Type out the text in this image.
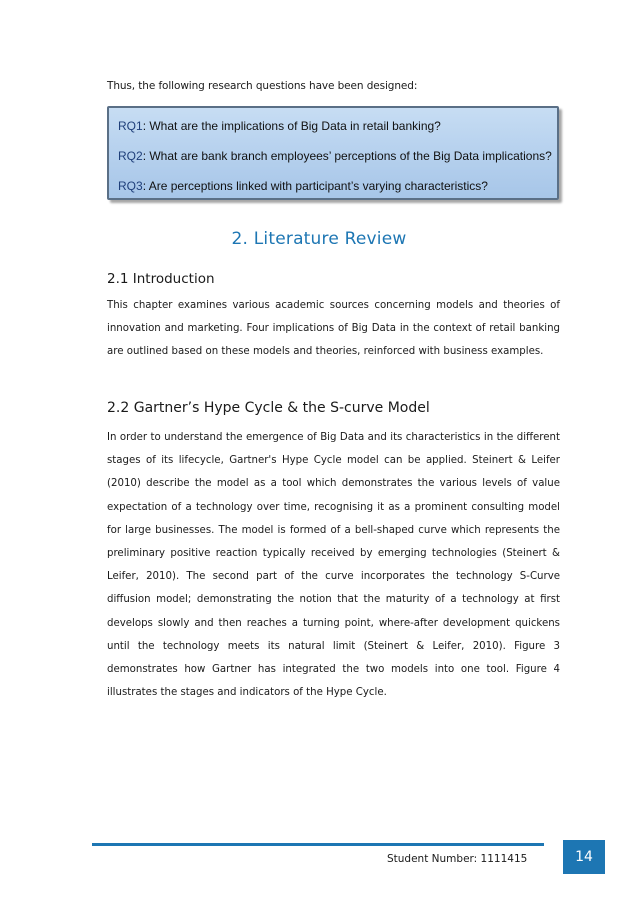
Thus, the following research questions have been designed:
RQ1: What are the implications of Big Data in retail banking?
RQ2: What are bank branch employees’ perceptions of the Big Data implications?
RQ3: Are perceptions linked with participant’s varying characteristics?
2. Literature Review
2.1 Introduction
This chapter examines various academic sources concerning models and theories of innovation and marketing. Four implications of Big Data in the context of retail banking are outlined based on these models and theories, reinforced with business examples.
2.2 Gartner’s Hype Cycle & the S-curve Model
In order to understand the emergence of Big Data and its characteristics in the different stages of its lifecycle, Gartner's Hype Cycle model can be applied. Steinert & Leifer (2010) describe the model as a tool which demonstrates the various levels of value expectation of a technology over time, recognising it as a prominent consulting model for large businesses. The model is formed of a bell-shaped curve which represents the preliminary positive reaction typically received by emerging technologies (Steinert & Leifer, 2010). The second part of the curve incorporates the technology S-Curve diffusion model; demonstrating the notion that the maturity of a technology at first develops slowly and then reaches a turning point, where-after development quickens until the technology meets its natural limit (Steinert & Leifer, 2010). Figure 3 demonstrates how Gartner has integrated the two models into one tool. Figure 4 illustrates the stages and indicators of the Hype Cycle.
Student Number: 1111415	14
